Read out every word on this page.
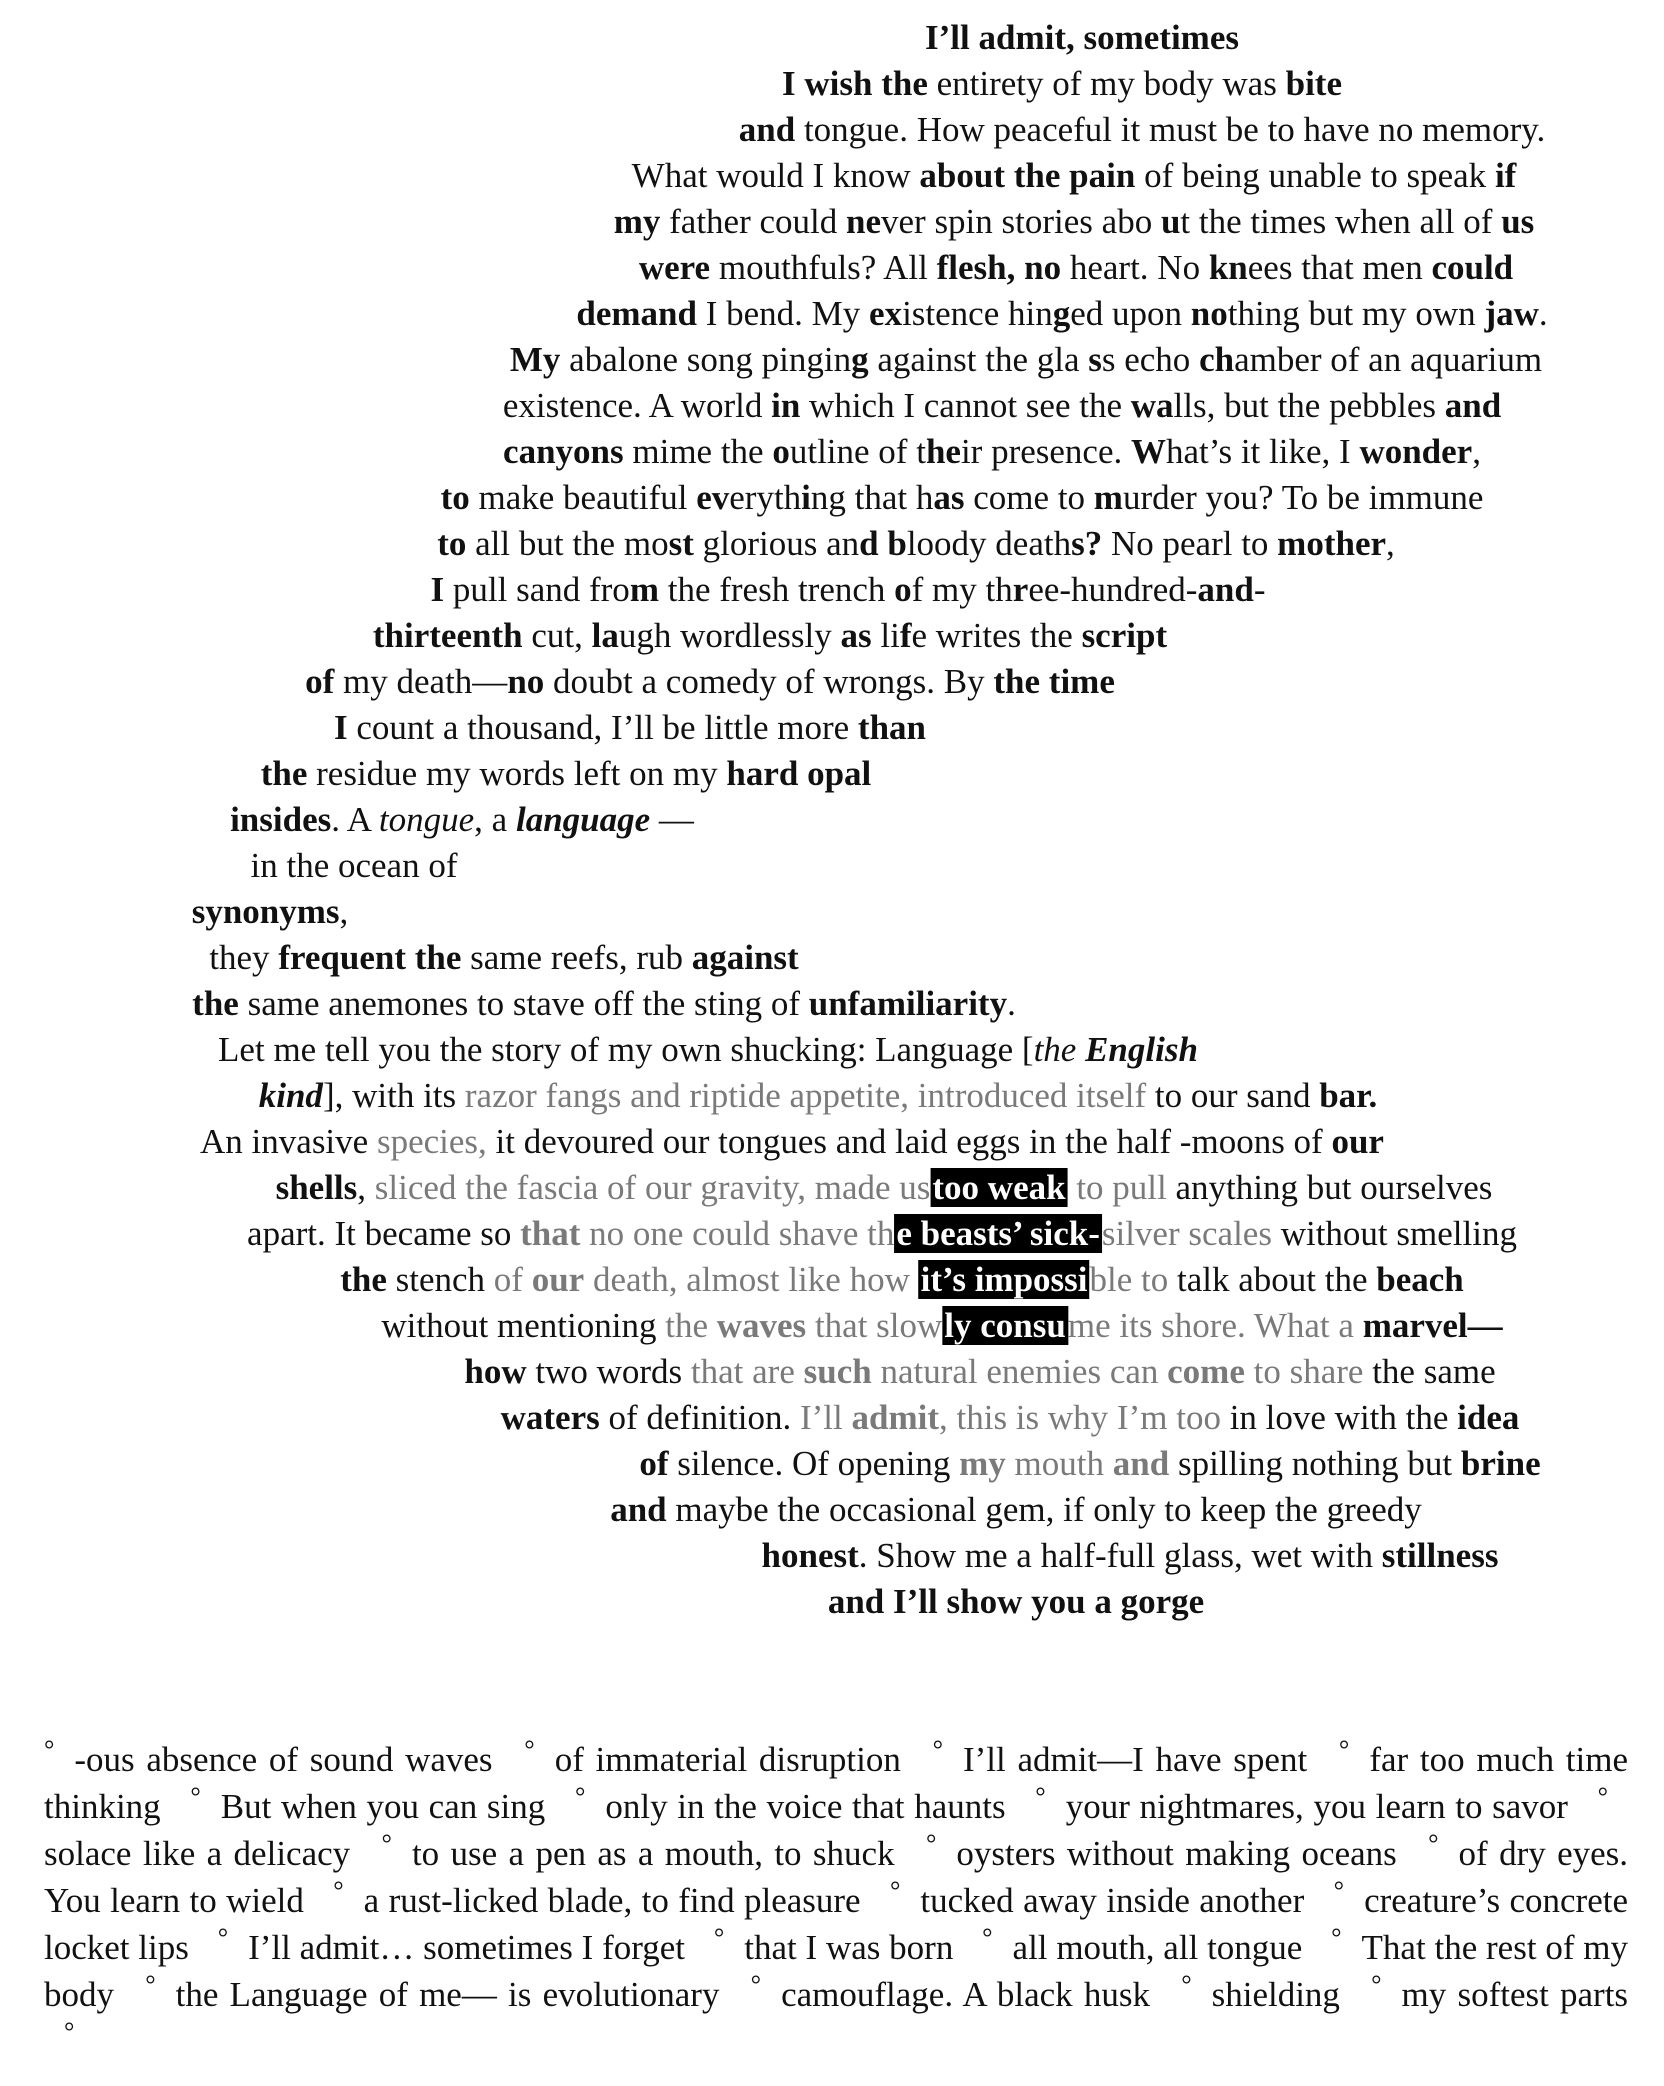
I’ll admit, sometimes
I wish the entirety of my body was bite
and tongue. How peaceful it must be to have no memory.
What would I know about the pain of being unable to speak if
my father could never spin stories abo ut the times when all of us
were mouthfuls? All flesh, no heart. No knees that men could
demand I bend. My existence hinged upon nothing but my own jaw.
My abalone song pinging against the gla ss echo chamber of an aquarium
existence. A world in which I cannot see the walls, but the pebbles and
canyons mime the outline of their presence. What’s it like, I wonder,
to make beautiful everything that has come to murder you? To be immune
to all but the most glorious and bloody deaths? No pearl to mother,
I pull sand from the fresh trench of my three-hundred-and-
thirteenth cut, laugh wordlessly as life writes the script
of my death—no doubt a comedy of wrongs. By the time
I count a thousand, I’ll be little more than
the residue my words left on my hard opal
insides. A tongue, a language —
in the ocean of
synonyms,
they frequent the same reefs, rub against
the same anemones to stave off the sting of unfamiliarity.
Let me tell you the story of my own shucking: Language [the English
kind], with its razor fangs and riptide appetite, introduced itself to our sand bar.
An invasive species, it devoured our tongues and laid eggs in the half -moons of our
shells, sliced the fascia of our gravity, made ustoo weak to pull anything but ourselves
apart. It became so that no one could shave the beasts’ sick-silver scales without smelling
the stench of our death, almost like how it’s impossible to talk about the beach
without mentioning the waves that slowly consume its shore. What a marvel—
how two words that are such natural enemies can come to share the same
waters of definition. I’ll admit, this is why I’m too in love with the idea
of silence. Of opening my mouth and spilling nothing but brine
and maybe the occasional gem, if only to keep the greedy
honest. Show me a half-full glass, wet with stillness
and I’ll show you a gorge
° -ous absence of sound waves ° of immaterial disruption ° I’ll admit—I have spent ° far too much time thinking ° But when you can sing ° only in the voice that haunts ° your nightmares, you learn to savor °solace like a delicacy ° to use a pen as a mouth, to shuck ° oysters without making oceans ° of dry eyes. You learn to wield ° a rust-licked blade, to find pleasure ° tucked away inside another ° creature’s concrete locket lips ° I’ll admit… sometimes I forget ° that I was born ° all mouth, all tongue ° That the rest of my body ° the Language of me— is evolutionary ° camouflage. A black husk ° shielding ° my softest parts °
